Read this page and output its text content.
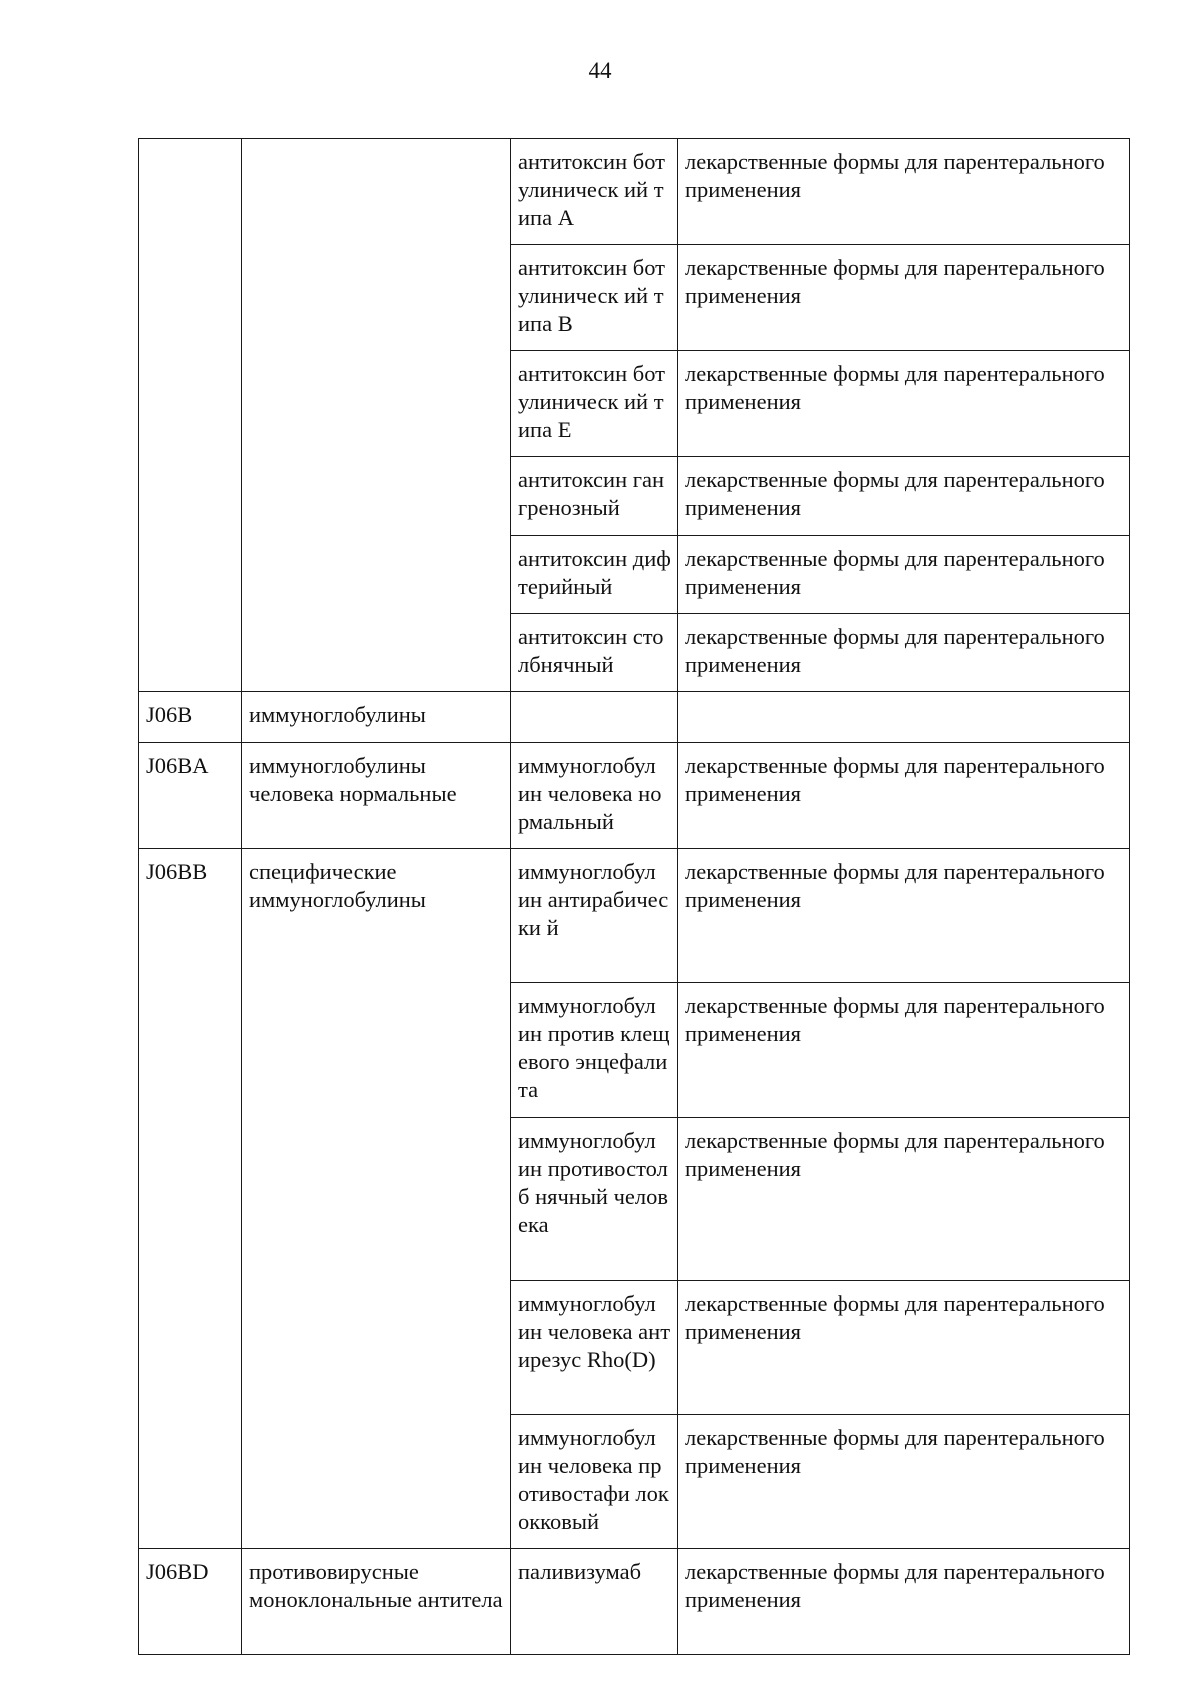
44
		антитоксин ботулиническ ий типа A	лекарственные формы для парентерального применения
		антитоксин ботулиническ ий типа B	лекарственные формы для парентерального применения
		антитоксин ботулиническ ий типа E	лекарственные формы для парентерального применения
		антитоксин гангренозный	лекарственные формы для парентерального применения
		антитоксин дифтерийный	лекарственные формы для парентерального применения
		антитоксин столбнячный	лекарственные формы для парентерального применения
J06B	иммуноглобулины		
J06BA	иммуноглобулины человека нормальные	иммуноглобул ин человека нормальный	лекарственные формы для парентерального применения
J06BB	специфические иммуноглобулины	иммуноглобул ин антирабически й	лекарственные формы для парентерального применения
		иммуноглобул ин против клещевого энцефалита	лекарственные формы для парентерального применения
		иммуноглобул ин противостолб нячный человека	лекарственные формы для парентерального применения
		иммуноглобул ин человека антирезус Rho(D)	лекарственные формы для парентерального применения
		иммуноглобул ин человека противостафи лококковый	лекарственные формы для парентерального применения
J06BD	противовирусные моноклональные антитела	паливизумаб	лекарственные формы для парентерального применения
